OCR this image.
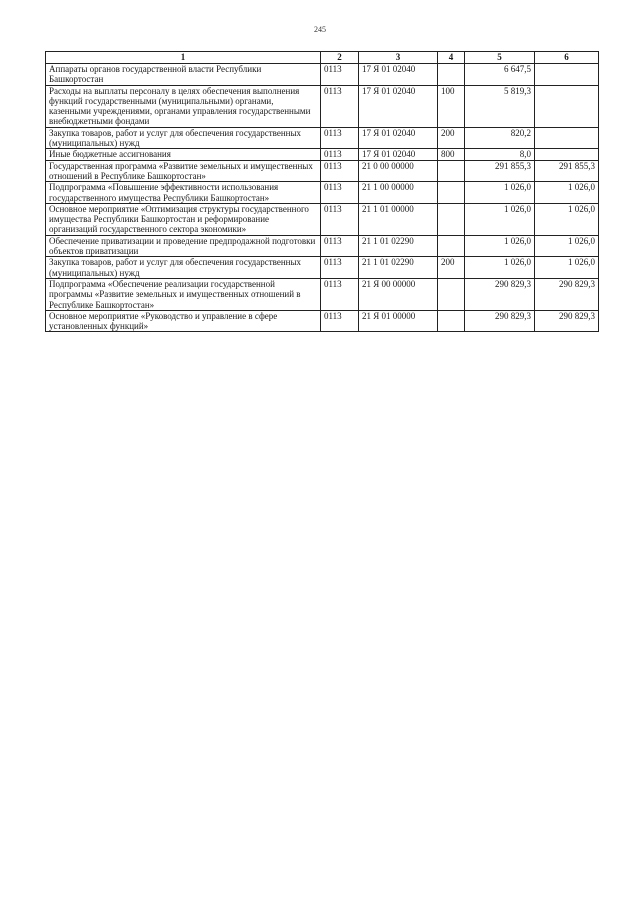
245
1	2	3	4	5	6
Аппараты органов государственной власти Республики Башкортостан	0113	17 Я 01 02040		6 647,5	
Расходы на выплаты персоналу в целях обеспечения выполнения функций государственными (муниципальными) органами, казенными учреждениями, органами управления государственными внебюджетными фондами	0113	17 Я 01 02040	100	5 819,3	
Закупка товаров, работ и услуг для обеспечения государственных (муниципальных) нужд	0113	17 Я 01 02040	200	820,2	
Иные бюджетные ассигнования	0113	17 Я 01 02040	800	8,0	
Государственная программа «Развитие земельных и имущественных отношений в Республике Башкортостан»	0113	21 0 00 00000		291 855,3	291 855,3
Подпрограмма «Повышение эффективности использования государственного имущества Республики Башкортостан»	0113	21 1 00 00000		1 026,0	1 026,0
Основное мероприятие «Оптимизация структуры государственного имущества Республики Башкортостан и реформирование организаций государственного сектора экономики»	0113	21 1 01 00000		1 026,0	1 026,0
Обеспечение приватизации и проведение предпродажной подготовки объектов приватизации	0113	21 1 01 02290		1 026,0	1 026,0
Закупка товаров, работ и услуг для обеспечения государственных (муниципальных) нужд	0113	21 1 01 02290	200	1 026,0	1 026,0
Подпрограмма «Обеспечение реализации государственной программы «Развитие земельных и имущественных отношений в Республике Башкортостан»	0113	21 Я 00 00000		290 829,3	290 829,3
Основное мероприятие «Руководство и управление в сфере установленных функций»	0113	21 Я 01 00000		290 829,3	290 829,3
